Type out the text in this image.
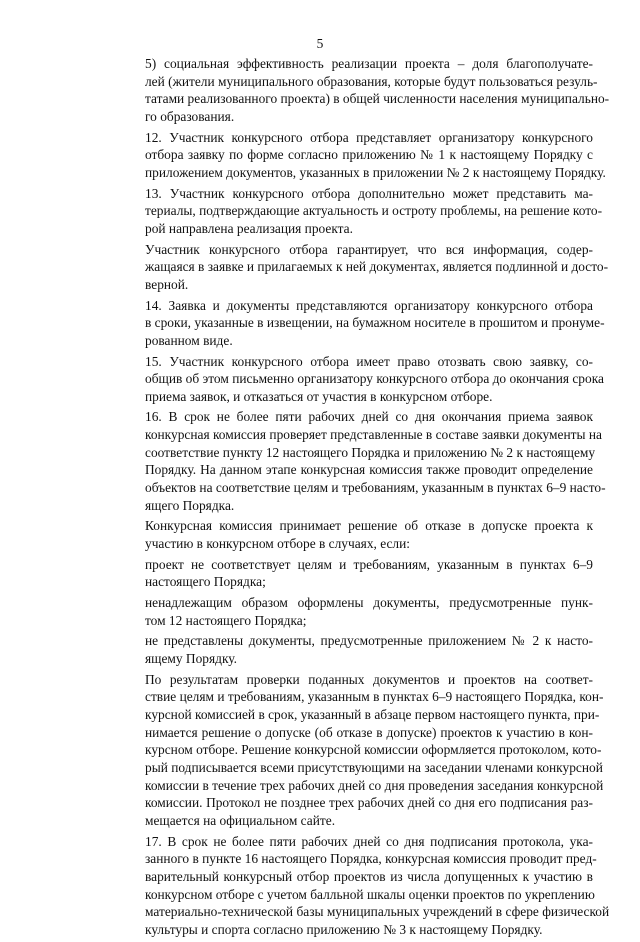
5
5) социальная эффективность реализации проекта – доля благополучате-
лей (жители муниципального образования, которые будут пользоваться резуль-
татами реализованного проекта) в общей численности населения муниципально-
го образования.
12. Участник конкурсного отбора представляет организатору конкурсного
отбора заявку по форме согласно приложению № 1 к настоящему Порядку с
приложением документов, указанных в приложении № 2 к настоящему Порядку.
13. Участник конкурсного отбора дополнительно может представить ма-
териалы, подтверждающие актуальность и остроту проблемы, на решение кото-
рой направлена реализация проекта.
Участник конкурсного отбора гарантирует, что вся информация, содер-
жащаяся в заявке и прилагаемых к ней документах, является подлинной и досто-
верной.
14. Заявка и документы представляются организатору конкурсного отбора
в сроки, указанные в извещении, на бумажном носителе в прошитом и пронуме-
рованном виде.
15. Участник конкурсного отбора имеет право отозвать свою заявку, со-
общив об этом письменно организатору конкурсного отбора до окончания срока
приема заявок, и отказаться от участия в конкурсном отборе.
16. В срок не более пяти рабочих дней со дня окончания приема заявок
конкурсная комиссия проверяет представленные в составе заявки документы на
соответствие пункту 12 настоящего Порядка и приложению № 2 к настоящему
Порядку. На данном этапе конкурсная комиссия также проводит определение
объектов на соответствие целям и требованиям, указанным в пунктах 6–9 насто-
ящего Порядка.
Конкурсная комиссия принимает решение об отказе в допуске проекта к
участию в конкурсном отборе в случаях, если:
проект не соответствует целям и требованиям, указанным в пунктах 6–9
настоящего Порядка;
ненадлежащим образом оформлены документы, предусмотренные пунк-
том 12 настоящего Порядка;
не представлены документы, предусмотренные приложением № 2 к насто-
ящему Порядку.
По результатам проверки поданных документов и проектов на соответ-
ствие целям и требованиям, указанным в пунктах 6–9 настоящего Порядка, кон-
курсной комиссией в срок, указанный в абзаце первом настоящего пункта, при-
нимается решение о допуске (об отказе в допуске) проектов к участию в кон-
курсном отборе. Решение конкурсной комиссии оформляется протоколом, кото-
рый подписывается всеми присутствующими на заседании членами конкурсной
комиссии в течение трех рабочих дней со дня проведения заседания конкурсной
комиссии. Протокол не позднее трех рабочих дней со дня его подписания раз-
мещается на официальном сайте.
17. В срок не более пяти рабочих дней со дня подписания протокола, ука-
занного в пункте 16 настоящего Порядка, конкурсная комиссия проводит пред-
варительный конкурсный отбор проектов из числа допущенных к участию в
конкурсном отборе с учетом балльной шкалы оценки проектов по укреплению
материально-технической базы муниципальных учреждений в сфере физической
культуры и спорта согласно приложению № 3 к настоящему Порядку.
